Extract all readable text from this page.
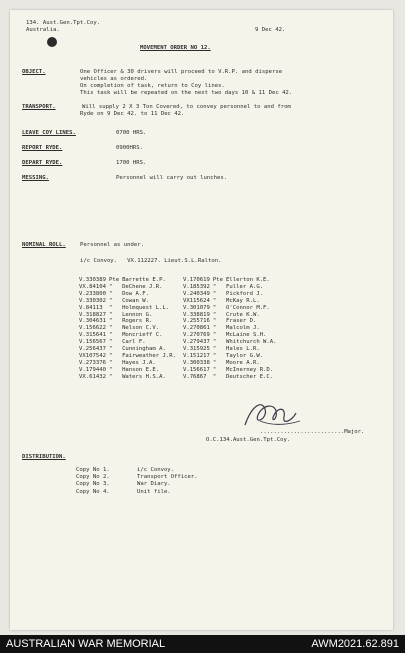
134. Aust.Gen.Tpt.Coy.
Australia.	9 Dec 42.
MOVEMENT ORDER NO 12.
OBJECT.	One Officer & 30 drivers will proceed to V.R.P. and disperse
vehicles as ordered.
On completion of task, return to Coy lines.
This task will be repeated on the next two days 10 & 11 Dec 42.
TRANSPORT.	Will supply 2 X 3 Ton Covered, to convey personnel to and from
Ryde on 9 Dec 42. to 11 Dec 42.
LEAVE COY LINES.	0700 HRS.
REPORT RYDE.	0900HRS.
DEPART RYDE.	1700 HRS.
MESSING.	Personnel will carry out lunches.
NOMINAL ROLL.	Personnel as under.
i/c Convoy.   VX.112227. Lieut.S.L.Ralton.
V.330389	Pte	Barrette E.P.	V.170619	Pte	Ellerton K.E.
VX.84104	"	DeChene J.R.	V.185392	"	Fuller A.G.
V.233800	"	Dow A.F.	V.240349	"	Pickford J.
V.330302	"	Cowan W.	VX115624	"	McKay R.L.
V.84113	"	Holmquest L.L.	V.301079	"	O'Connor M.F.
V.318827	"	Lennon G.	V.338819	"	Crute K.W.
V.304631	"	Rogers R.	V.255716	"	Fraser D.
V.156622	"	Nelson C.V.	V.270861	"	Malcolm J.
V.315641	"	Moncrieff C.	V.270769	"	McLaine S.H.
V.156567	"	Carl F.	V.279437	"	Whitchurch W.A.
V.256437	"	Cunningham A.	V.315925	"	Hales L.R.
VX107542	"	Fairweather J.R.	V.151217	"	Taylor G.W.
V.273376	"	Hayes J.A.	V.300338	"	Moore A.R.
V.179440	"	Hanson E.E.	V.156617	"	McInerney R.D.
VX.61432	"	Waters H.S.A.	V.76867	"	Deutscher E.C.
.........................Major.
O.C.134.Aust.Gen.Tpt.Coy.
DISTRIBUTION.
Copy No 1.	i/c Convoy.
Copy No 2.	Transport Officer.
Copy No 3.	War Diary.
Copy No 4.	Unit file.
AUSTRALIAN WAR MEMORIAL	AWM2021.62.891
